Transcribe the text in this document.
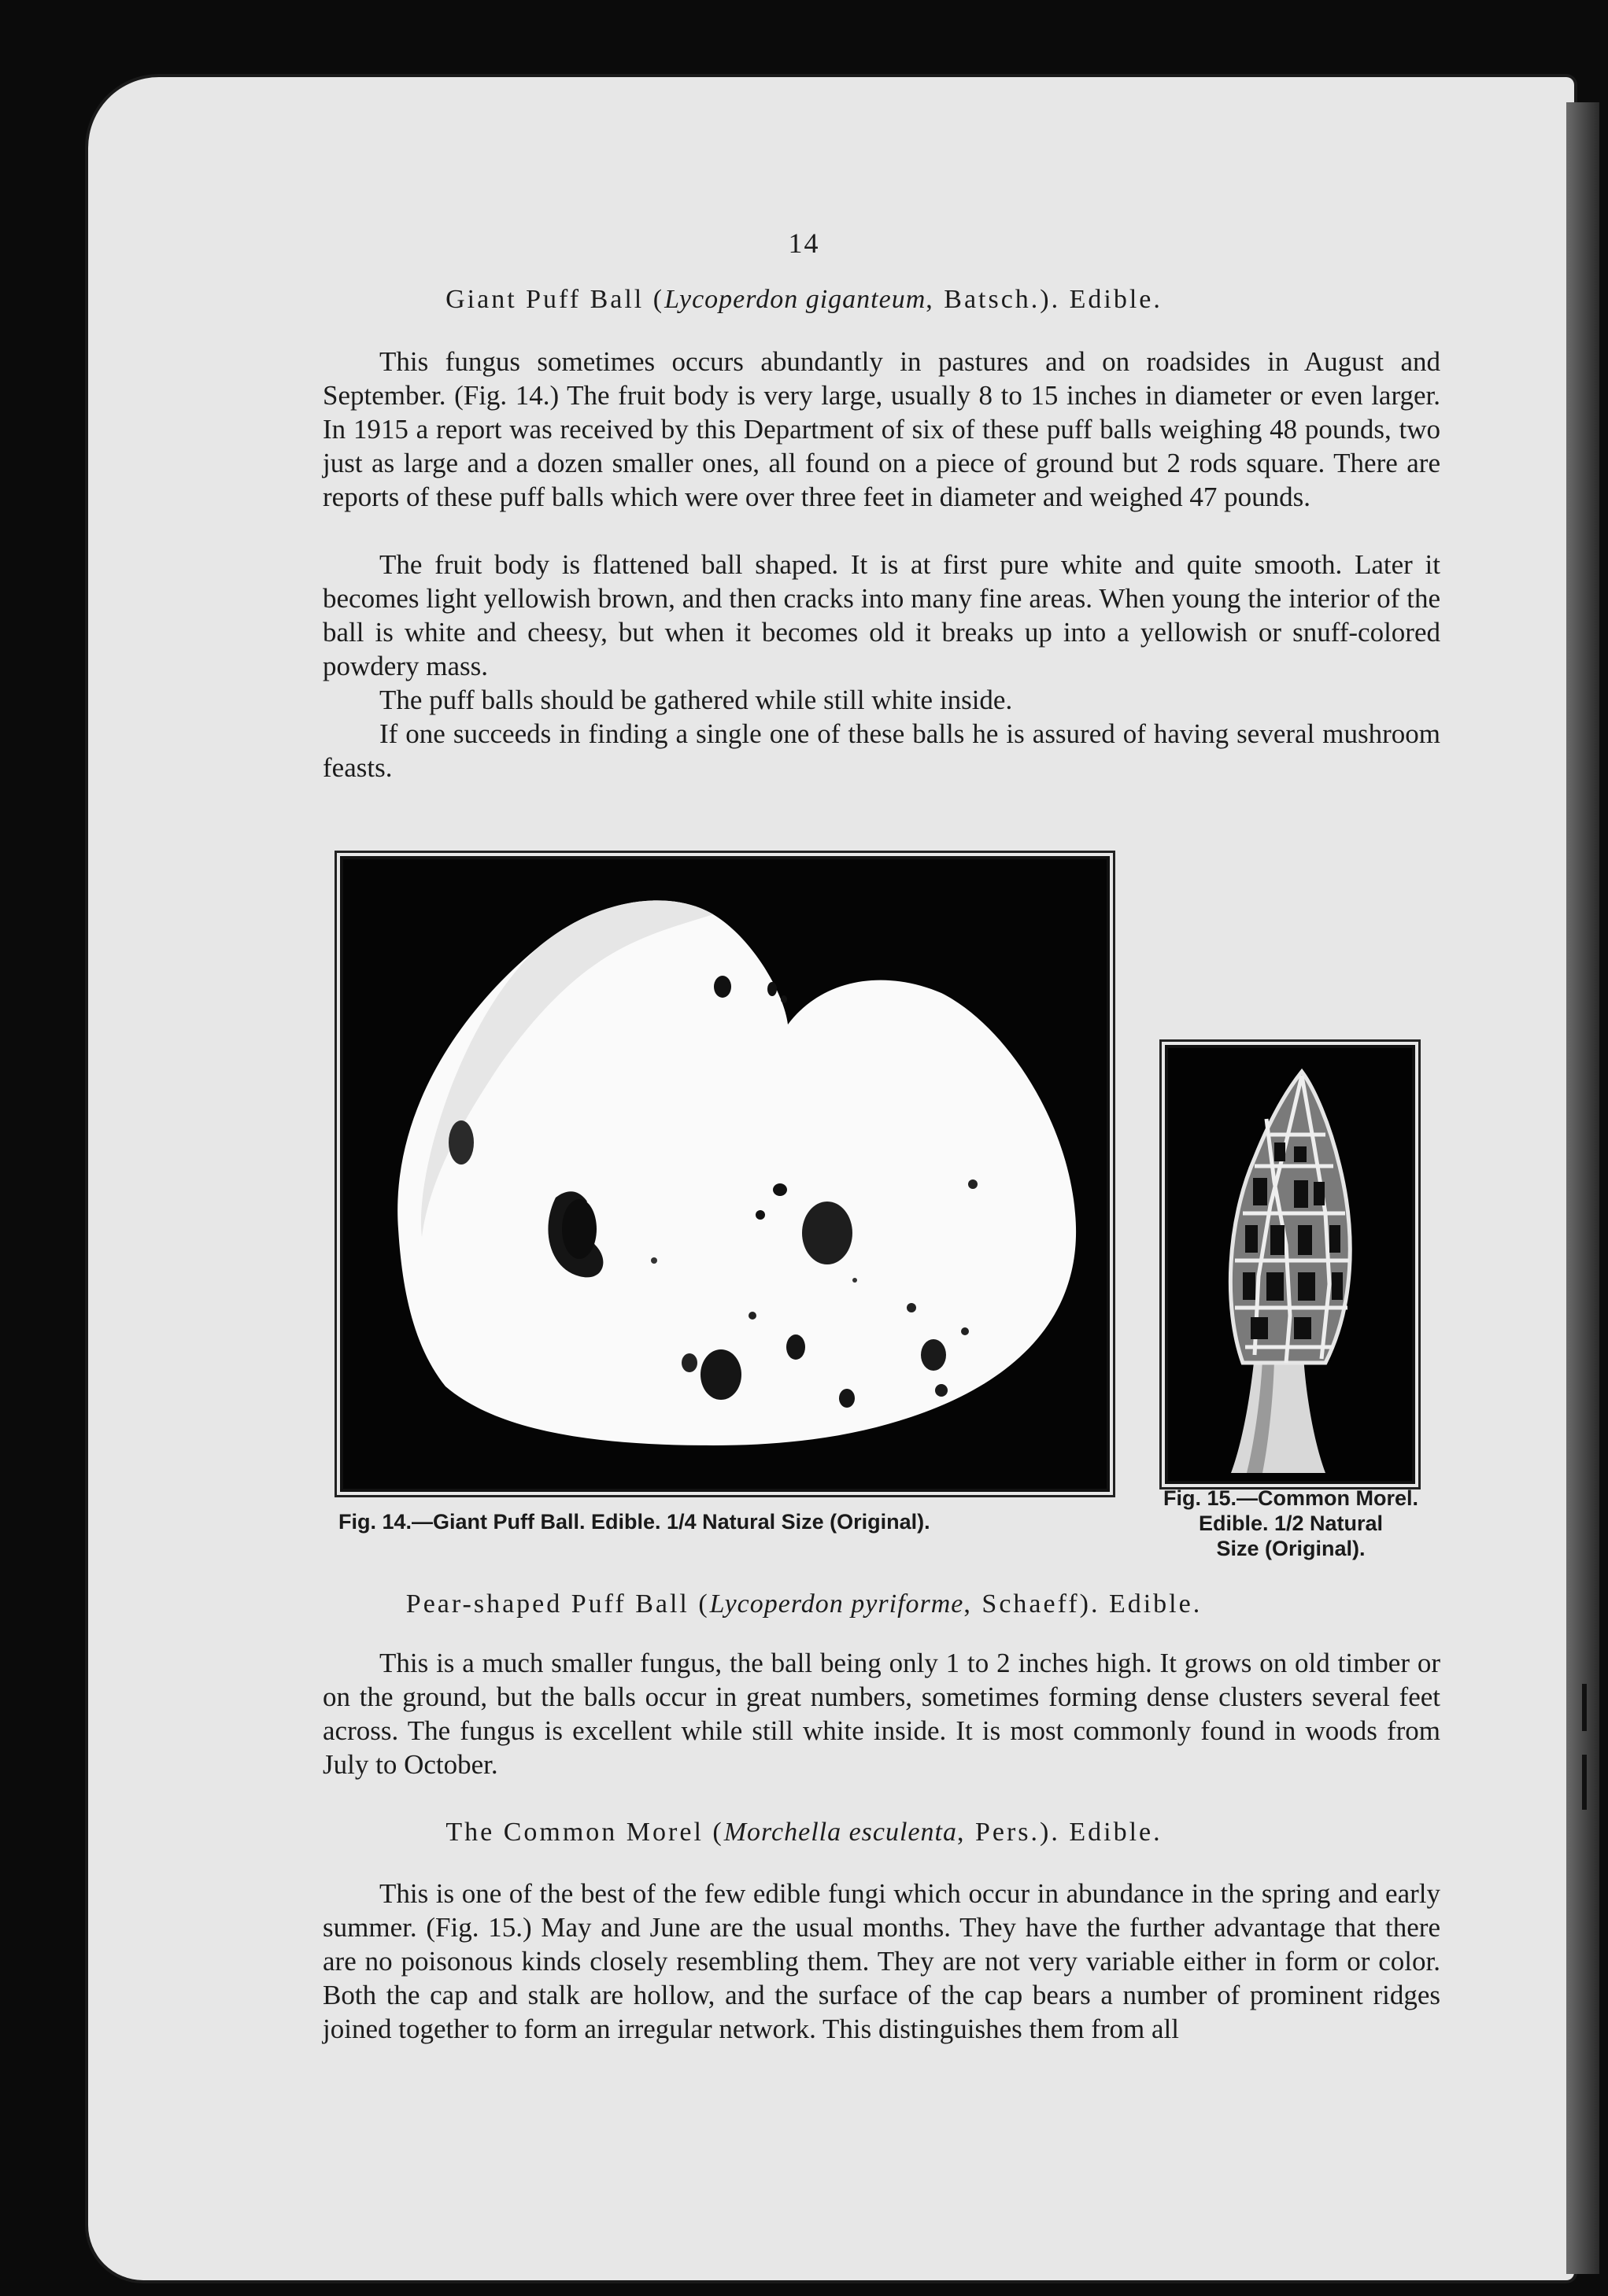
14
Giant Puff Ball (Lycoperdon giganteum, Batsch.). Edible.

This fungus sometimes occurs abundantly in pastures and on roadsides in August and September. (Fig. 14.) The fruit body is very large, usually 8 to 15 inches in diameter or even larger. In 1915 a report was received by this Department of six of these puff balls weighing 48 pounds, two just as large and a dozen smaller ones, all found on a piece of ground but 2 rods square. There are reports of these puff balls which were over three feet in diameter and weighed 47 pounds.

The fruit body is flattened ball shaped. It is at first pure white and quite smooth. Later it becomes light yellowish brown, and then cracks into many fine areas. When young the interior of the ball is white and cheesy, but when it becomes old it breaks up into a yellowish or snuff-colored powdery mass.

The puff balls should be gathered while still white inside.

If one succeeds in finding a single one of these balls he is assured of having several mushroom feasts.

Fig. 14.—Giant Puff Ball. Edible. 1/4 Natural Size (Original).
Fig. 15.—Common Morel.
Edible. 1/2 Natural
Size (Original).
Pear-shaped Puff Ball (Lycoperdon pyriforme, Schaeff). Edible.

This is a much smaller fungus, the ball being only 1 to 2 inches high. It grows on old timber or on the ground, but the balls occur in great numbers, sometimes forming dense clusters several feet across. The fungus is excellent while still white inside. It is most commonly found in woods from July to October.

The Common Morel (Morchella esculenta, Pers.). Edible.

This is one of the best of the few edible fungi which occur in abundance in the spring and early summer. (Fig. 15.) May and June are the usual months. They have the further advantage that there are no poisonous kinds closely resembling them. They are not very variable either in form or color. Both the cap and stalk are hollow, and the surface of the cap bears a number of prominent ridges joined together to form an irregular network. This distinguishes them from all
